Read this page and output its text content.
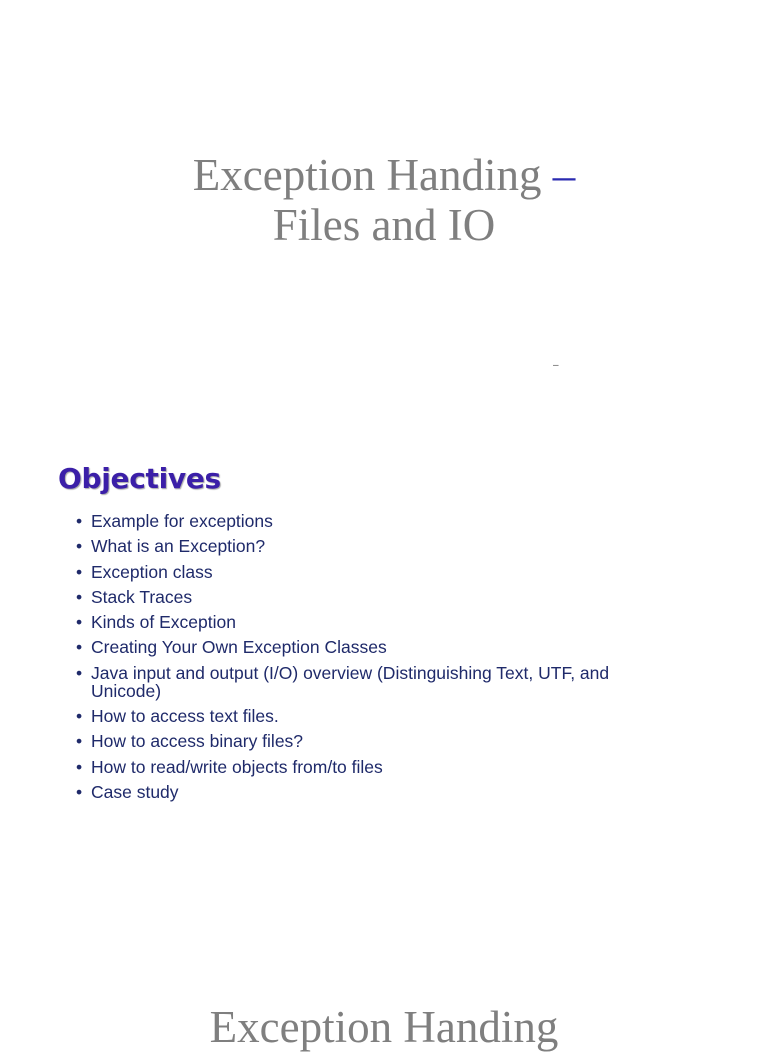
Exception Handing –
Files and IO
–
Objectives
• Example for exceptions
• What is an Exception?
• Exception class
• Stack Traces
• Kinds of Exception
• Creating Your Own Exception Classes
• Java input and output (I/O) overview (Distinguishing Text, UTF, and Unicode)
• How to access text files.
• How to access binary files?
• How to read/write objects from/to files
• Case study
Exception Handing
